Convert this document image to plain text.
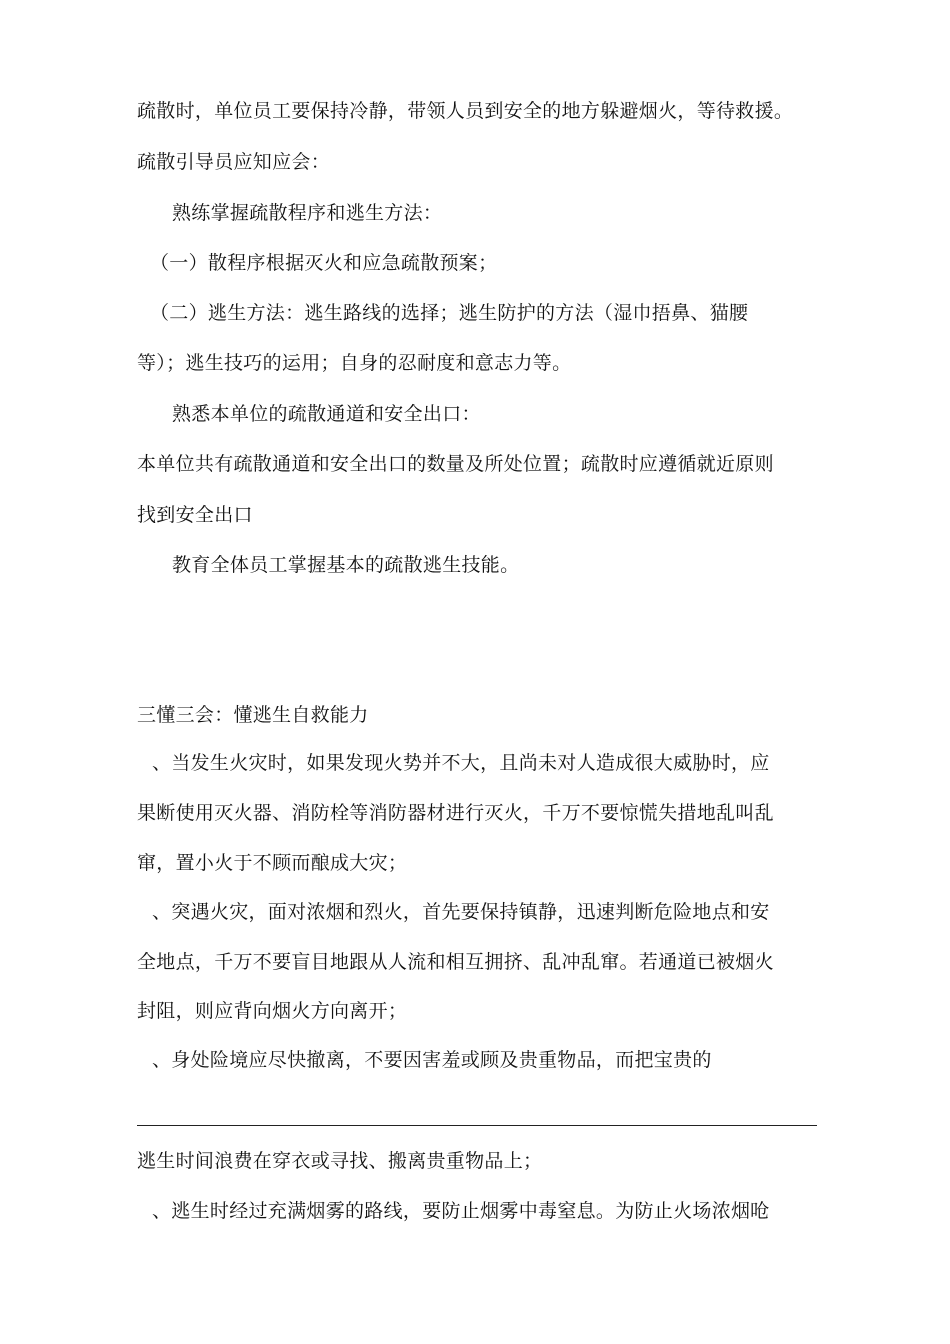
疏散时，单位员工要保持冷静，带领人员到安全的地方躲避烟火，等待救援。
疏散引导员应知应会：
熟练掌握疏散程序和逃生方法：
（一）散程序根据灭火和应急疏散预案；
（二）逃生方法：逃生路线的选择；逃生防护的方法（湿巾捂鼻、猫腰
等）；逃生技巧的运用；自身的忍耐度和意志力等。
熟悉本单位的疏散通道和安全出口：
本单位共有疏散通道和安全出口的数量及所处位置；疏散时应遵循就近原则
找到安全出口
教育全体员工掌握基本的疏散逃生技能。
三懂三会：懂逃生自救能力
、当发生火灾时，如果发现火势并不大，且尚未对人造成很大威胁时，应
果断使用灭火器、消防栓等消防器材进行灭火，千万不要惊慌失措地乱叫乱
窜，置小火于不顾而酿成大灾；
、突遇火灾，面对浓烟和烈火，首先要保持镇静，迅速判断危险地点和安
全地点，千万不要盲目地跟从人流和相互拥挤、乱冲乱窜。若通道已被烟火
封阻，则应背向烟火方向离开；
、身处险境应尽快撤离，不要因害羞或顾及贵重物品，而把宝贵的
逃生时间浪费在穿衣或寻找、搬离贵重物品上；
、逃生时经过充满烟雾的路线，要防止烟雾中毒窒息。为防止火场浓烟呛
